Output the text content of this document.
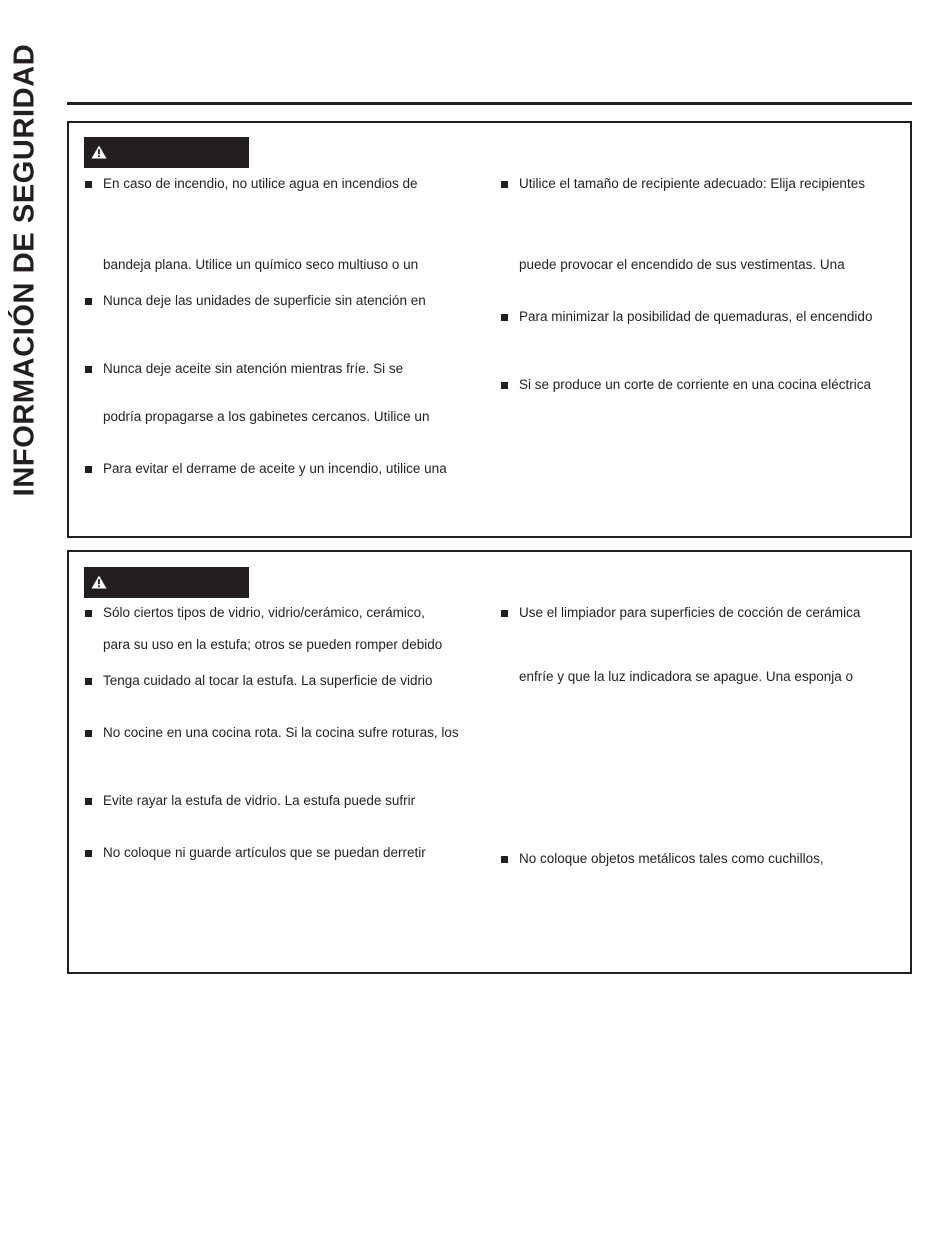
INFORMACIÓN DE SEGURIDAD	En caso de incendio, no utilice agua en incendios de
bandeja plana. Utilice un químico seco multiuso o un
Nunca deje las unidades de superficie sin atención en
Nunca deje aceite sin atención mientras fríe. Si se
podría propagarse a los gabinetes cercanos. Utilice un
Para evitar el derrame de aceite y un incendio, utilice una
Utilice el tamaño de recipiente adecuado: Elija recipientes
puede provocar el encendido de sus vestimentas. Una
Para minimizar la posibilidad de quemaduras, el encendido
Si se produce un corte de corriente en una cocina eléctrica
Sólo ciertos tipos de vidrio, vidrio/cerámico, cerámico,
para su uso en la estufa; otros se pueden romper debido
Tenga cuidado al tocar la estufa. La superficie de vidrio
No cocine en una cocina rota. Si la cocina sufre roturas, los
Evite rayar la estufa de vidrio. La estufa puede sufrir
No coloque ni guarde artículos que se puedan derretir
Use el limpiador para superficies de cocción de cerámica
enfríe y que la luz indicadora se apague. Una esponja o
No coloque objetos metálicos tales como cuchillos,
